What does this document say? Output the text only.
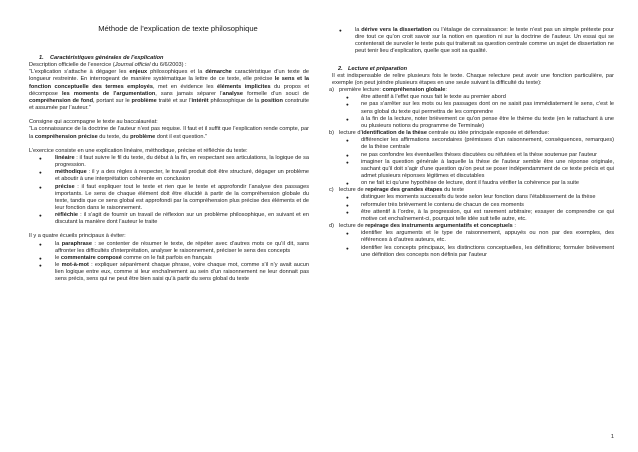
Méthode de l’explication de texte philosophique
1. Caractéristiques générales de l’explication

Description officielle de l’exercice (Journal officiel du 6/6/2003) :

“L’explication s’attache à dégager les enjeux philosophiques et la démarche caractéristique d’un texte de longueur restreinte. En interrogeant de manière systématique la lettre de ce texte, elle précise le sens et la fonction conceptuelle des termes employés, met en évidence les éléments implicites du propos et décompose les moments de l’argumentation, sans jamais séparer l’analyse formelle d’un souci de compréhension de fond, portant sur le problème traité et sur l’intérêt philosophique de la position construite et assumée par l’auteur.”

Consigne qui accompagne le texte au baccalauréat:

“La connaissance de la doctrine de l’auteur n’est pas requise. Il faut et il suffit que l’explication rende compte, par la compréhension précise du texte, du problème dont il est question.”

L’exercice consiste en une explication linéaire, méthodique, précise et réfléchie du texte:

● linéaire : il faut suivre le fil du texte, du début à la fin, en respectant ses articulations, la logique de sa progression.
● méthodique : il y a des règles à respecter, le travail produit doit être structuré, dégager un problème et aboutir à une interprétation cohérente en conclusion
● précise : il faut expliquer tout le texte et rien que le texte et approfondir l’analyse des passages importants. Le sens de chaque élément doit être élucidé à partir de la compréhension globale du texte, tandis que ce sens global est approfondi par la compréhension plus précise des éléments et de leur fonction dans le raisonnement.
● réfléchie : il s’agit de fournir un travail de réflexion sur un problème philosophique, en suivant et en discutant la manière dont l’auteur le traite

Il y a quatre écueils principaux à éviter:

● la paraphrase : se contenter de résumer le texte, de répéter avec d’autres mots ce qu’il dit, sans affronter les difficultés d’interprétation, analyser le raisonnement, préciser le sens des concepts
● le commentaire composé comme on le fait parfois en français
● le mot-à-mot : expliquer séparément chaque phrase, voire chaque mot, comme s’il n’y avait aucun lien logique entre eux, comme si leur enchaînement au sein d’un raisonnement ne leur donnait pas sens précis, sens qui ne peut être bien saisi qu’à partir du sens global du texte
● la dérive vers la dissertation ou l’étalage de connaissance: le texte n’est pas un simple prétexte pour dire tout ce qu’on croit savoir sur la notion en question ni sur la doctrine de l’auteur. Un essai qui se contenterait de survoler le texte puis qui traiterait sa question centrale comme un sujet de dissertation ne peut tenir lieu d’explication, quelle que soit sa qualité.
2. Lecture et préparation

Il est indispensable de relire plusieurs fois le texte. Chaque relecture peut avoir une fonction particulière, par exemple (on peut joindre plusieurs étapes en une seule suivant la difficulté du texte):

a) première lecture: compréhension globale:
● être attentif à l’effet que nous fait le texte au premier abord
● ne pas s’arrêter sur les mots ou les passages dont on ne saisit pas immédiatement le sens, c’est le sens global du texte qui permettra de les comprendre
● à la fin de la lecture, noter brièvement ce qu’on pense être le thème du texte (en le rattachant à une ou plusieurs notions du programme de Terminale)
b) lecture d’identification de la thèse centrale ou idée principale exposée et défendue:
● différencier les affirmations secondaires (prémisses d’un raisonnement, conséquences, remarques) de la thèse centrale
● ne pas confondre les éventuelles thèses discutées ou réfutées et la thèse soutenue par l’auteur
● imaginer la question générale à laquelle la thèse de l’auteur semble être une réponse originale, sachant qu’il doit s’agir d’une question qu’on peut se poser indépendamment de ce texte précis et qui admet plusieurs réponses légitimes et discutables
● on ne fait ici qu’une hypothèse de lecture, dont il faudra vérifier la cohérence par la suite
c) lecture de repérage des grandes étapes du texte
● distinguer les moments successifs du texte selon leur fonction dans l’établissement de la thèse
● reformuler très brièvement le contenu de chacun de ces moments
● être attentif à l’ordre, à la progression, qui est rarement arbitraire; essayer de comprendre ce qui motive cet enchaînement-ci, pourquoi telle idée suit telle autre, etc.
d) lecture de repérage des instruments argumentatifs et conceptuels :
● identifier les arguments et le type de raisonnement, appuyés ou non par des exemples, des références à d’autres auteurs, etc.
● identifier les concepts principaux, les distinctions conceptuelles, les définitions; formuler brièvement une définition des concepts non définis par l’auteur
1
